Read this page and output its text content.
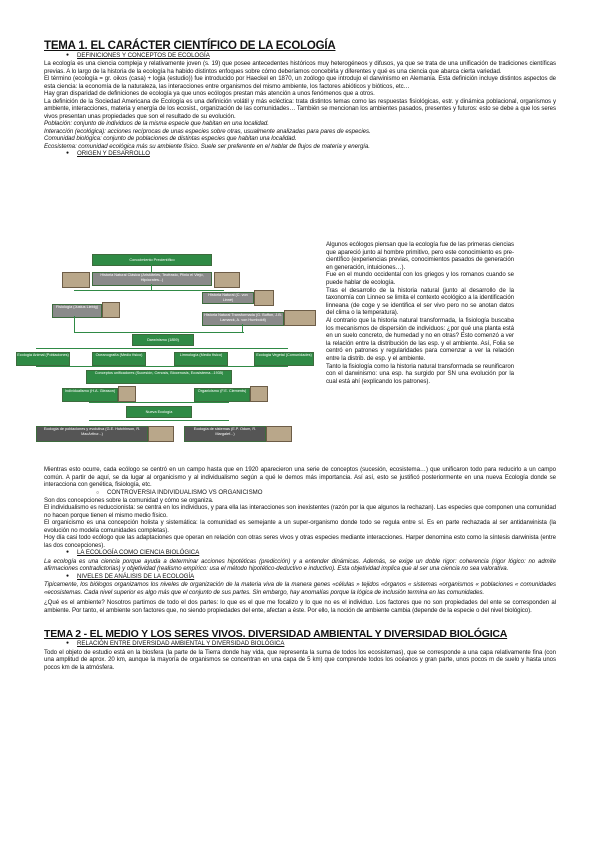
TEMA 1. EL CARÁCTER CIENTÍFICO DE LA ECOLOGÍA
● DEFINICIONES Y CONCEPTOS DE ECOLOGÍA

La ecología es una ciencia compleja y relativamente joven (s. 19) que posee antecedentes históricos muy heterogéneos y difusos, ya que se trata de una unificación de tradiciones científicas previas. A lo largo de la historia de la ecología ha habido distintos enfoques sobre cómo deberíamos concebirla y diferentes y qué es una ciencia que abarca cierta variedad.

El término (ecología = gr. oikos (casa) + logia (estudio)) fue introducido por Haeckel en 1870, un zoólogo que introdujo el darwinismo en Alemania. Esta definición incluye distintos aspectos de esta ciencia: la economía de la naturaleza, las interacciones entre organismos del mismo ambiente, los factores abióticos y bióticos, etc…

Hay gran disparidad de definiciones de ecología ya que unos ecólogos prestan más atención a unos fenómenos que a otros.

La definición de la Sociedad Americana de Ecología es una definición volátil y más ecléctica: trata distintos temas como las respuestas fisiológicas, estr. y dinámica poblacional, organismos y ambiente, interacciones, materia y energía de los ecosist., organización de las comunidades… También se mencionan los ambientes pasados, presentes y futuros: esto se debe a que los seres vivos presentan unas propiedades que son el resultado de su evolución.

Población: conjunto de individuos de la misma especie que habitan en una localidad.

Interacción (ecológica): acciones recíprocas de unas especies sobre otras, usualmente analizadas para pares de especies.

Comunidad biológica: conjunto de poblaciones de distintas especies que habitan una localidad.

Ecosistema: comunidad ecológica más su ambiente físico. Suele ser preferente en el hablar de flujos de materia y energía.

● ORIGEN Y DESARROLLO
Conocimiento Precientífico
Historia Natural Clásica (Aristóteles, Teofrasto, Plinio el Viejo, Hipócrates...)
Historia Natural (C. von Linné)
Fisiología (Justus Liebig)
Historia Natural Transformada (G. Buffon, J.B. Lamarck, A. von Humboldt)
Darwinismo (1859)
Ecología Animal (Poblaciones)	Oceanografía (Medio físico)	Limnología (Medio físico)	Ecología Vegetal (Comunidades)
Conceptos unificadores (Sucesión, Cenosis, Biocenosis, Ecosistema...1935)
Individualismo (H.A. Gleason)	Organicismo (F.E. Clements)
Nueva Ecología
Ecología de poblaciones y evolutiva (G.E. Hutchinson, R. MacArthur...)
Ecología de sistemas (E.P. Odum, R. Margalef...)

Algunos ecólogos piensan que la ecología fue de las primeras ciencias que apareció junto al hombre primitivo, pero este conocimiento es pre-científico (experiencias previas, conocimientos pasados de generación en generación, intuiciones…).

Fue en el mundo occidental con los griegos y los romanos cuando se puede hablar de ecología.

Tras el desarrollo de la historia natural (junto al desarrollo de la taxonomía con Linneo se limita el contexto ecológico a la identificación linneana (de coge y se identifica el ser vivo pero no se anotan datos del clima o la temperatura).

Al contrario que la historia natural transformada, la fisiología buscaba los mecanismos de dispersión de individuos: ¿por qué una planta está en un suelo concreto, de humedad y no en otras? Esto comenzó a ver la relación entre la distribución de las esp. y el ambiente. Así, Folia se centró en patrones y regularidades para comenzar a ver la relación entre la distrib. de esp. y el ambiente.

Tanto la fisiología como la historia natural transformada se reunificaron con el darwinismo: una esp. ha surgido por SN una evolución por la cual está ahí (explicando los patrones).

Mientras esto ocurre, cada ecólogo se centró en un campo hasta que en 1920 aparecieron una serie de conceptos (sucesión, ecosistema…) que unificaron todo para reducirlo a un campo común. A partir de aquí, se da lugar al organicismo y al individualismo según a qué le demos más importancia. Así así, esto se justificó posteriormente en una nueva Ecología donde se interacciona con genética, fisiología, etc.

○ CONTROVERSIA INDIVIDUALISMO VS ORGANICISMO

Son dos concepciones sobre la comunidad y cómo se organiza.

El individualismo es reduccionista: se centra en los individuos, y para ella las interacciones son inexistentes (razón por la que algunos la rechazan). Las especies que componen una comunidad no hacen porque tienen el mismo medio físico.

El organicismo es una concepción holista y sistemática: la comunidad es semejante a un super-organismo donde todo se regula entre sí. Es en parte rechazada al ser antidarwinista (la evolución no modela comunidades completas).

Hoy día casi todo ecólogo que las adaptaciones que operan en relación con otras seres vivos y otras especies mediante interacciones. Harper denomina esto como la síntesis darwinista (entre las dos concepciones).

● LA ECOLOGÍA COMO CIENCIA BIOLÓGICA

La ecología es una ciencia porque ayuda a determinar acciones hipotéticas (predicción) y a entender dinámicas. Además, se exige un doble rigor: coherencia (rigor lógico: no admite afirmaciones contradictorias) y objetividad (realismo empírico: usa el método hipotético-deductivo e inductivo). Esta objetividad implica que al ser una ciencia no sea valorativa.

● NIVELES DE ANÁLISIS DE LA ECOLOGÍA

Tipicamente, los biólogos organizamos los niveles de organización de la materia viva de la manera genes «células » tejidos «órganos « sistemas «organismos « poblaciones « comunidades «ecosistemas. Cada nivel superior es algo más que el conjunto de sus partes. Sin embargo, hay anomalías porque la lógica de inclusión termina en las comunidades.

¿Qué es el ambiente? Nosotros partimos de todo el dos partes: lo que es el que me focalizo y lo que no es el individuo. Los factores que no son propiedades del ente se corresponden al ambiente. Por tanto, el ambiente son factores que, no siendo propiedades del ente, afectan a éste. Por ello, la noción de ambiente cambia (depende de la especie o del nivel biológico).

TEMA 2 - EL MEDIO Y LOS SERES VIVOS. DIVERSIDAD AMBIENTAL Y DIVERSIDAD BIOLÓGICA
● RELACIÓN ENTRE DIVERSIDAD AMBIENTAL Y DIVERSIDAD BIOLÓGICA

Todo el objeto de estudio está en la biosfera (la parte de la Tierra donde hay vida, que representa la suma de todos los ecosistemas), que se corresponde a una capa relativamente fina (con una amplitud de aprox. 20 km, aunque la mayoría de organismos se concentran en una capa de 5 km) que comprende todos los océanos y gran parte, unos pocos m de suelo y hasta unos pocos km de la atmósfera.
